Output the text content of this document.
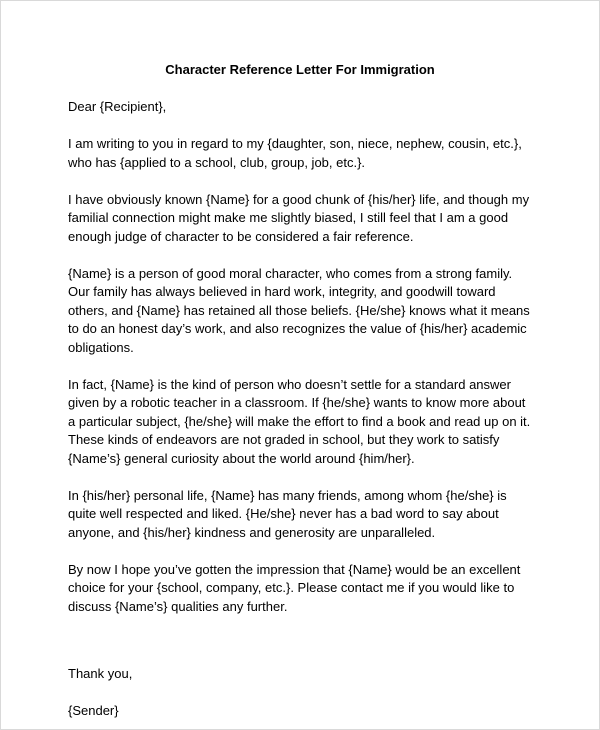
Character Reference Letter For Immigration

Dear {Recipient},

I am writing to you in regard to my {daughter, son, niece, nephew, cousin, etc.}, who has {applied to a school, club, group, job, etc.}.

I have obviously known {Name} for a good chunk of {his/her} life, and though my familial connection might make me slightly biased, I still feel that I am a good enough judge of character to be considered a fair reference.

{Name} is a person of good moral character, who comes from a strong family. Our family has always believed in hard work, integrity, and goodwill toward others, and {Name} has retained all those beliefs. {He/she} knows what it means to do an honest day’s work, and also recognizes the value of {his/her} academic obligations.

In fact, {Name} is the kind of person who doesn’t settle for a standard answer given by a robotic teacher in a classroom. If {he/she} wants to know more about a particular subject, {he/she} will make the effort to find a book and read up on it. These kinds of endeavors are not graded in school, but they work to satisfy {Name’s} general curiosity about the world around {him/her}.

In {his/her} personal life, {Name} has many friends, among whom {he/she} is quite well respected and liked. {He/she} never has a bad word to say about anyone, and {his/her} kindness and generosity are unparalleled.

By now I hope you’ve gotten the impression that {Name} would be an excellent choice for your {school, company, etc.}. Please contact me if you would like to discuss {Name’s} qualities any further.

Thank you,

{Sender}
